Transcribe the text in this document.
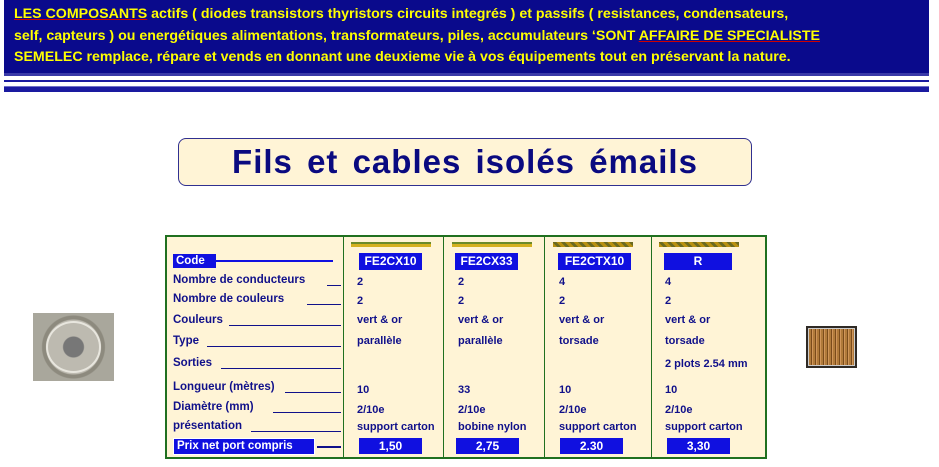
LES COMPOSANTS actifs ( diodes transistors thyristors circuits integrés ) et passifs ( resistances, condensateurs,
self, capteurs ) ou energétiques alimentations, transformateurs, piles, accumulateurs ‘SONT AFFAIRE DE SPECIALISTE
SEMELEC remplace, répare et vends en donnant une deuxieme vie à vos équipements tout en préservant la nature.
Fils et cables isolés émails
Code
Nombre de conducteurs
Nombre de couleurs
Couleurs
Type
Sorties
Longueur (mètres)
Diamètre (mm)
présentation
Prix net port compris
FE2CX10
2
2
vert & or
parallèle
10
2/10e
support carton
1,50
FE2CX33
2
2
vert & or
parallèle
33
2/10e
bobine nylon
2,75
FE2CTX10
4
2
vert & or
torsade
10
2/10e
support carton
2.30
R
4
2
vert & or
torsade
2 plots 2.54 mm
10
2/10e
support carton
3,30
